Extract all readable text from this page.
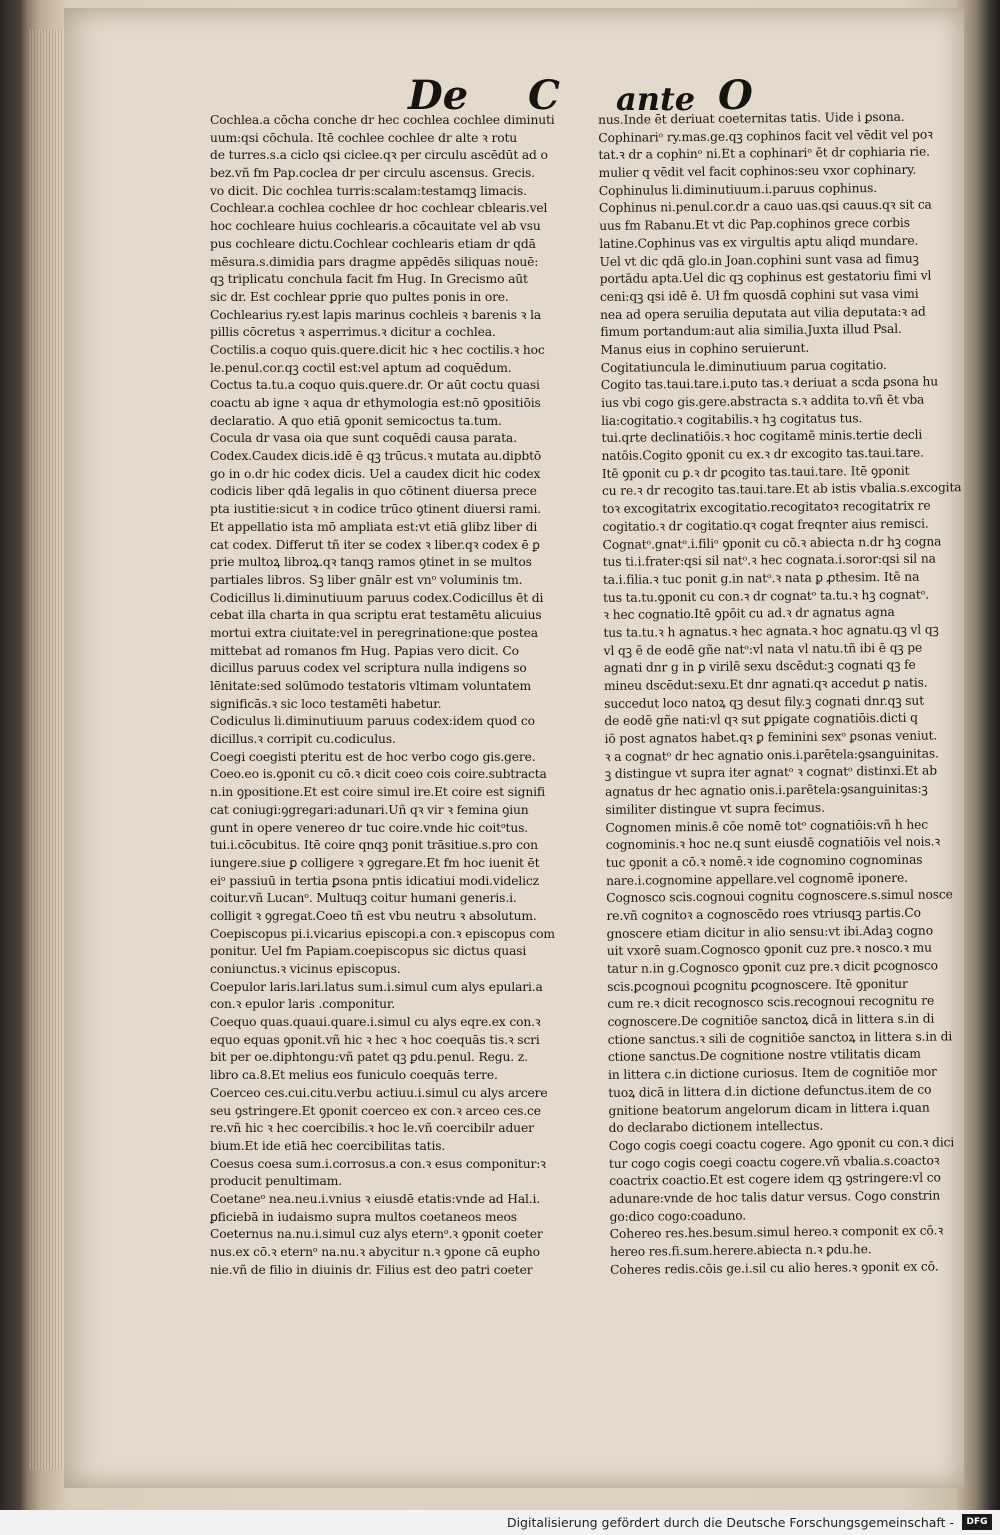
De C ante O
Cochlea.a cōcha conche dr hec cochlea cochlee diminuti
uum:qsi cōchula. Itē cochlee cochlee dr alte ꝛ rotu
de turres.s.a ciclo qsi ciclee.qꝛ per circulu ascēdūt ad o
bez.vñ fm Pap.coclea dr per circulu ascensus. Grecis.
vo dicit. Dic cochlea turris:scalam:testamqꝫ limacis.
Cochlear.a cochlea cochlee dr hoc cochlear cblearis.vel
hoc cochleare huius cochlearis.a cōcauitate vel ab vsu
pus cochleare dictu.Cochlear cochlearis etiam dr qdā
mēsura.s.dimidia pars dragme appēdēs siliquas nouē:
qꝫ triplicatu conchula facit fm Hug. In Grecismo aūt
sic dr. Est cochlear ꝑprie quo pultes ponis in ore.
Cochlearius ry.est lapis marinus cochleis ꝛ barenis ꝛ la
pillis cōcretus ꝛ asperrimus.ꝛ dicitur a cochlea.
Coctilis.a coquo quis.quere.dicit hic ꝛ hec coctilis.ꝛ hoc
le.penul.cor.qꝫ coctil est:vel aptum ad coquēdum.
Coctus ta.tu.a coquo quis.quere.dr. Or aūt coctu quasi
coactu ab igne ꝛ aqua dr ethymologia est:nō ꝯpositiōis
declaratio. A quo etiā ꝯponit semicoctus ta.tum.
Cocula dr vasa oia que sunt coquēdi causa parata.
Codex.Caudex dicis.idē ē qꝫ trūcus.ꝛ mutata au.dipbtō
go in o.dr hic codex dicis. Uel a caudex dicit hic codex
codicis liber qdā legalis in quo cōtinent diuersa prece
pta iustitie:sicut ꝛ in codice trūco ꝯtinent diuersi rami.
Et appellatio ista mō ampliata est:vt etiā glibz liber di
cat codex. Differut tñ iter se codex ꝛ liber.qꝛ codex ē ꝑ
prie multoꝝ libroꝝ.qꝛ tanqꝫ ramos ꝯtinet in se multos
partiales libros. Sꝫ liber gnālr est vnᵒ voluminis tm.
Codicillus li.diminutiuum paruus codex.Codicillus ēt di
cebat illa charta in qua scriptu erat testamētu alicuius
mortui extra ciuitate:vel in peregrinatione:que postea
mittebat ad romanos fm Hug. Papias vero dicit. Co
dicillus paruus codex vel scriptura nulla indigens so
lēnitate:sed solūmodo testatoris vltimam voluntatem
significās.ꝛ sic loco testamēti habetur.
Codiculus li.diminutiuum paruus codex:idem quod co
dicillus.ꝛ corripit cu.codiculus.
Coegi coegisti pteritu est de hoc verbo cogo gis.gere.
Coeo.eo is.ꝯponit cu cō.ꝛ dicit coeo cois coire.subtracta
n.in ꝯpositione.Et est coire simul ire.Et coire est signifi
cat coniugi:ꝯgregari:adunari.Uñ qꝛ vir ꝛ femina ꝯiun
gunt in opere venereo dr tuc coire.vnde hic coitᵒtus.
tui.i.cōcubitus. Itē coire qnqꝫ ponit trāsitiue.s.pro con
iungere.siue ꝑ colligere ꝛ ꝯgregare.Et fm hoc iuenit ēt
eiᵒ passiuū in tertia ꝑsona pntis idicatiui modi.videlicz
coitur.vñ Lucanᵒ. Multuqꝫ coitur humani generis.i.
colligit ꝛ ꝯgregat.Coeo tñ est vbu neutru ꝛ absolutum.
Coepiscopus pi.i.vicarius episcopi.a con.ꝛ episcopus com
ponitur. Uel fm Papiam.coepiscopus sic dictus quasi
coniunctus.ꝛ vicinus episcopus.
Coepulor laris.lari.latus sum.i.simul cum alys epulari.a
con.ꝛ epulor laris .componitur.
Coequo quas.quaui.quare.i.simul cu alys eqre.ex con.ꝛ
equo equas ꝯponit.vñ hic ꝛ hec ꝛ hoc coequās tis.ꝛ scri
bit per oe.diphtongu:vñ patet qꝫ ꝑdu.penul. Regu. z.
libro ca.8.Et melius eos funiculo coequās terre.
Coerceo ces.cui.citu.verbu actiuu.i.simul cu alys arcere
seu ꝯstringere.Et ꝯponit coerceo ex con.ꝛ arceo ces.ce
re.vñ hic ꝛ hec coercibilis.ꝛ hoc le.vñ coercibilr aduer
bium.Et ide etiā hec coercibilitas tatis.
Coesus coesa sum.i.corrosus.a con.ꝛ esus componitur:ꝛ
producit penultimam.
Coetaneᵒ nea.neu.i.vnius ꝛ eiusdē etatis:vnde ad Hal.i.
ꝑficiebā in iudaismo supra multos coetaneos meos
Coeternus na.nu.i.simul cuz alys eternᵒ.ꝛ ꝯponit coeter
nus.ex cō.ꝛ eternᵒ na.nu.ꝛ abycitur n.ꝛ ꝯpone cā eupho
nie.vñ de filio in diuinis dr. Filius est deo patri coeter
nus.Inde ēt deriuat coeternitas tatis. Uide i ꝑsona.
Cophinariᵒ ry.mas.ge.qꝫ cophinos facit vel vēdit vel poꝛ
tat.ꝛ dr a cophinᵒ ni.Et a cophinariᵒ ēt dr cophiaria rie.
mulier q vēdit vel facit cophinos:seu vxor cophinary.
Cophinulus li.diminutiuum.i.paruus cophinus.
Cophinus ni.penul.cor.dr a cauo uas.qsi cauus.qꝛ sit ca
uus fm Rabanu.Et vt dic Pap.cophinos grece corbis
latine.Cophinus vas ex virgultis aptu aliqd mundare.
Uel vt dic qdā glo.in Joan.cophini sunt vasa ad fimuꝫ
portādu apta.Uel dic qꝫ cophinus est gestatoriu fimi vl
ceni:qꝫ qsi idē ē. Uł fm quosdā cophini sut vasa vimi
nea ad opera seruilia deputata aut vilia deputata:ꝛ ad
fimum portandum:aut alia similia.Juxta illud Psal.
Manus eius in cophino seruierunt.
Cogitatiuncula le.diminutiuum parua cogitatio.
Cogito tas.taui.tare.i.puto tas.ꝛ deriuat a scda ꝑsona hu
ius vbi cogo gis.gere.abstracta s.ꝛ addita to.vñ ēt vba
lia:cogitatio.ꝛ cogitabilis.ꝛ hꝫ cogitatus tus.
tui.qrte declinatiōis.ꝛ hoc cogitamē minis.tertie decli
natōis.Cogito ꝯponit cu ex.ꝛ dr excogito tas.taui.tare.
Itē ꝯponit cu ꝑ.ꝛ dr ꝑcogito tas.taui.tare. Itē ꝯponit
cu re.ꝛ dr recogito tas.taui.tare.Et ab istis vbalia.s.excogita
toꝛ excogitatrix excogitatio.recogitatoꝛ recogitatrix re
cogitatio.ꝛ dr cogitatio.qꝛ cogat freqnter aius remisci.
Cognatᵒ.gnatᵒ.i.filiᵒ ꝯponit cu cō.ꝛ abiecta n.dr hꝫ cogna
tus ti.i.frater:qsi sil natᵒ.ꝛ hec cognata.i.soror:qsi sil na
ta.i.filia.ꝛ tuc ponit g.in natᵒ.ꝛ nata ꝑ ꝓthesim. Itē na
tus ta.tu.ꝯponit cu con.ꝛ dr cognatᵒ ta.tu.ꝛ hꝫ cognatᵒ.
ꝛ hec cognatio.Itē ꝯpōit cu ad.ꝛ dr agnatus agna
tus ta.tu.ꝛ h agnatus.ꝛ hec agnata.ꝛ hoc agnatu.qꝫ vl qꝫ
vl qꝫ ē de eodē gñe natᵒ:vl nata vl natu.tñ ibi ē qꝫ pe
agnati dnr g in ꝑ virilē sexu dscēdut:ꝫ cognati qꝫ fe
mineu dscēdut:sexu.Et dnr agnati.qꝛ accedut ꝑ natis.
succedut loco natoꝝ qꝫ desut fily.ꝫ cognati dnr.qꝫ sut
de eodē gñe nati:vl qꝛ sut ꝑpigate cognatiōis.dicti q
iō post agnatos habet.qꝛ ꝑ feminini sexᵒ ꝑsonas veniut.
ꝛ a cognatᵒ dr hec agnatio onis.i.parētela:ꝯsanguinitas.
ꝫ distingue vt supra iter agnatᵒ ꝛ cognatᵒ distinxi.Et ab
agnatus dr hec agnatio onis.i.parētela:ꝯsanguinitas:ꝫ
similiter distingue vt supra fecimus.
Cognomen minis.ē cōe nomē totᵒ cognatiōis:vñ h hec
cognominis.ꝛ hoc ne.q sunt eiusdē cognatiōis vel nois.ꝛ
tuc ꝯponit a cō.ꝛ nomē.ꝛ ide cognomino cognominas
nare.i.cognomine appellare.vel cognomē iponere.
Cognosco scis.cognoui cognitu cognoscere.s.simul nosce
re.vñ cognitoꝛ a cognoscēdo roes vtriusqꝫ partis.Co
gnoscere etiam dicitur in alio sensu:vt ibi.Adaꝫ cogno
uit vxorē suam.Cognosco ꝯponit cuz pre.ꝛ nosco.ꝛ mu
tatur n.in g.Cognosco ꝯponit cuz pre.ꝛ dicit ꝑcognosco
scis.ꝑcognoui ꝑcognitu ꝑcognoscere. Itē ꝯponitur
cum re.ꝛ dicit recognosco scis.recognoui recognitu re
cognoscere.De cognitiōe sanctoꝝ dicā in littera s.in di
ctione sanctus.ꝛ sili de cognitiōe sanctoꝝ in littera s.in di
ctione sanctus.De cognitione nostre vtilitatis dicam
in littera c.in dictione curiosus. Item de cognitiōe mor
tuoꝝ dicā in littera d.in dictione defunctus.item de co
gnitione beatorum angelorum dicam in littera i.quan
do declarabo dictionem intellectus.
Cogo cogis coegi coactu cogere. Ago ꝯponit cu con.ꝛ dici
tur cogo cogis coegi coactu cogere.vñ vbalia.s.coactoꝛ
coactrix coactio.Et est cogere idem qꝫ ꝯstringere:vl co
adunare:vnde de hoc talis datur versus. Cogo constrin
go:dico cogo:coaduno.
Cohereo res.hes.besum.simul hereo.ꝛ componit ex cō.ꝛ
hereo res.fi.sum.herere.abiecta n.ꝛ ꝑdu.he.
Coheres redis.cōis ge.i.sil cu alio heres.ꝛ ꝯponit ex cō.
Digitalisierung gefördert durch die Deutsche Forschungsgemeinschaft -	DFG
